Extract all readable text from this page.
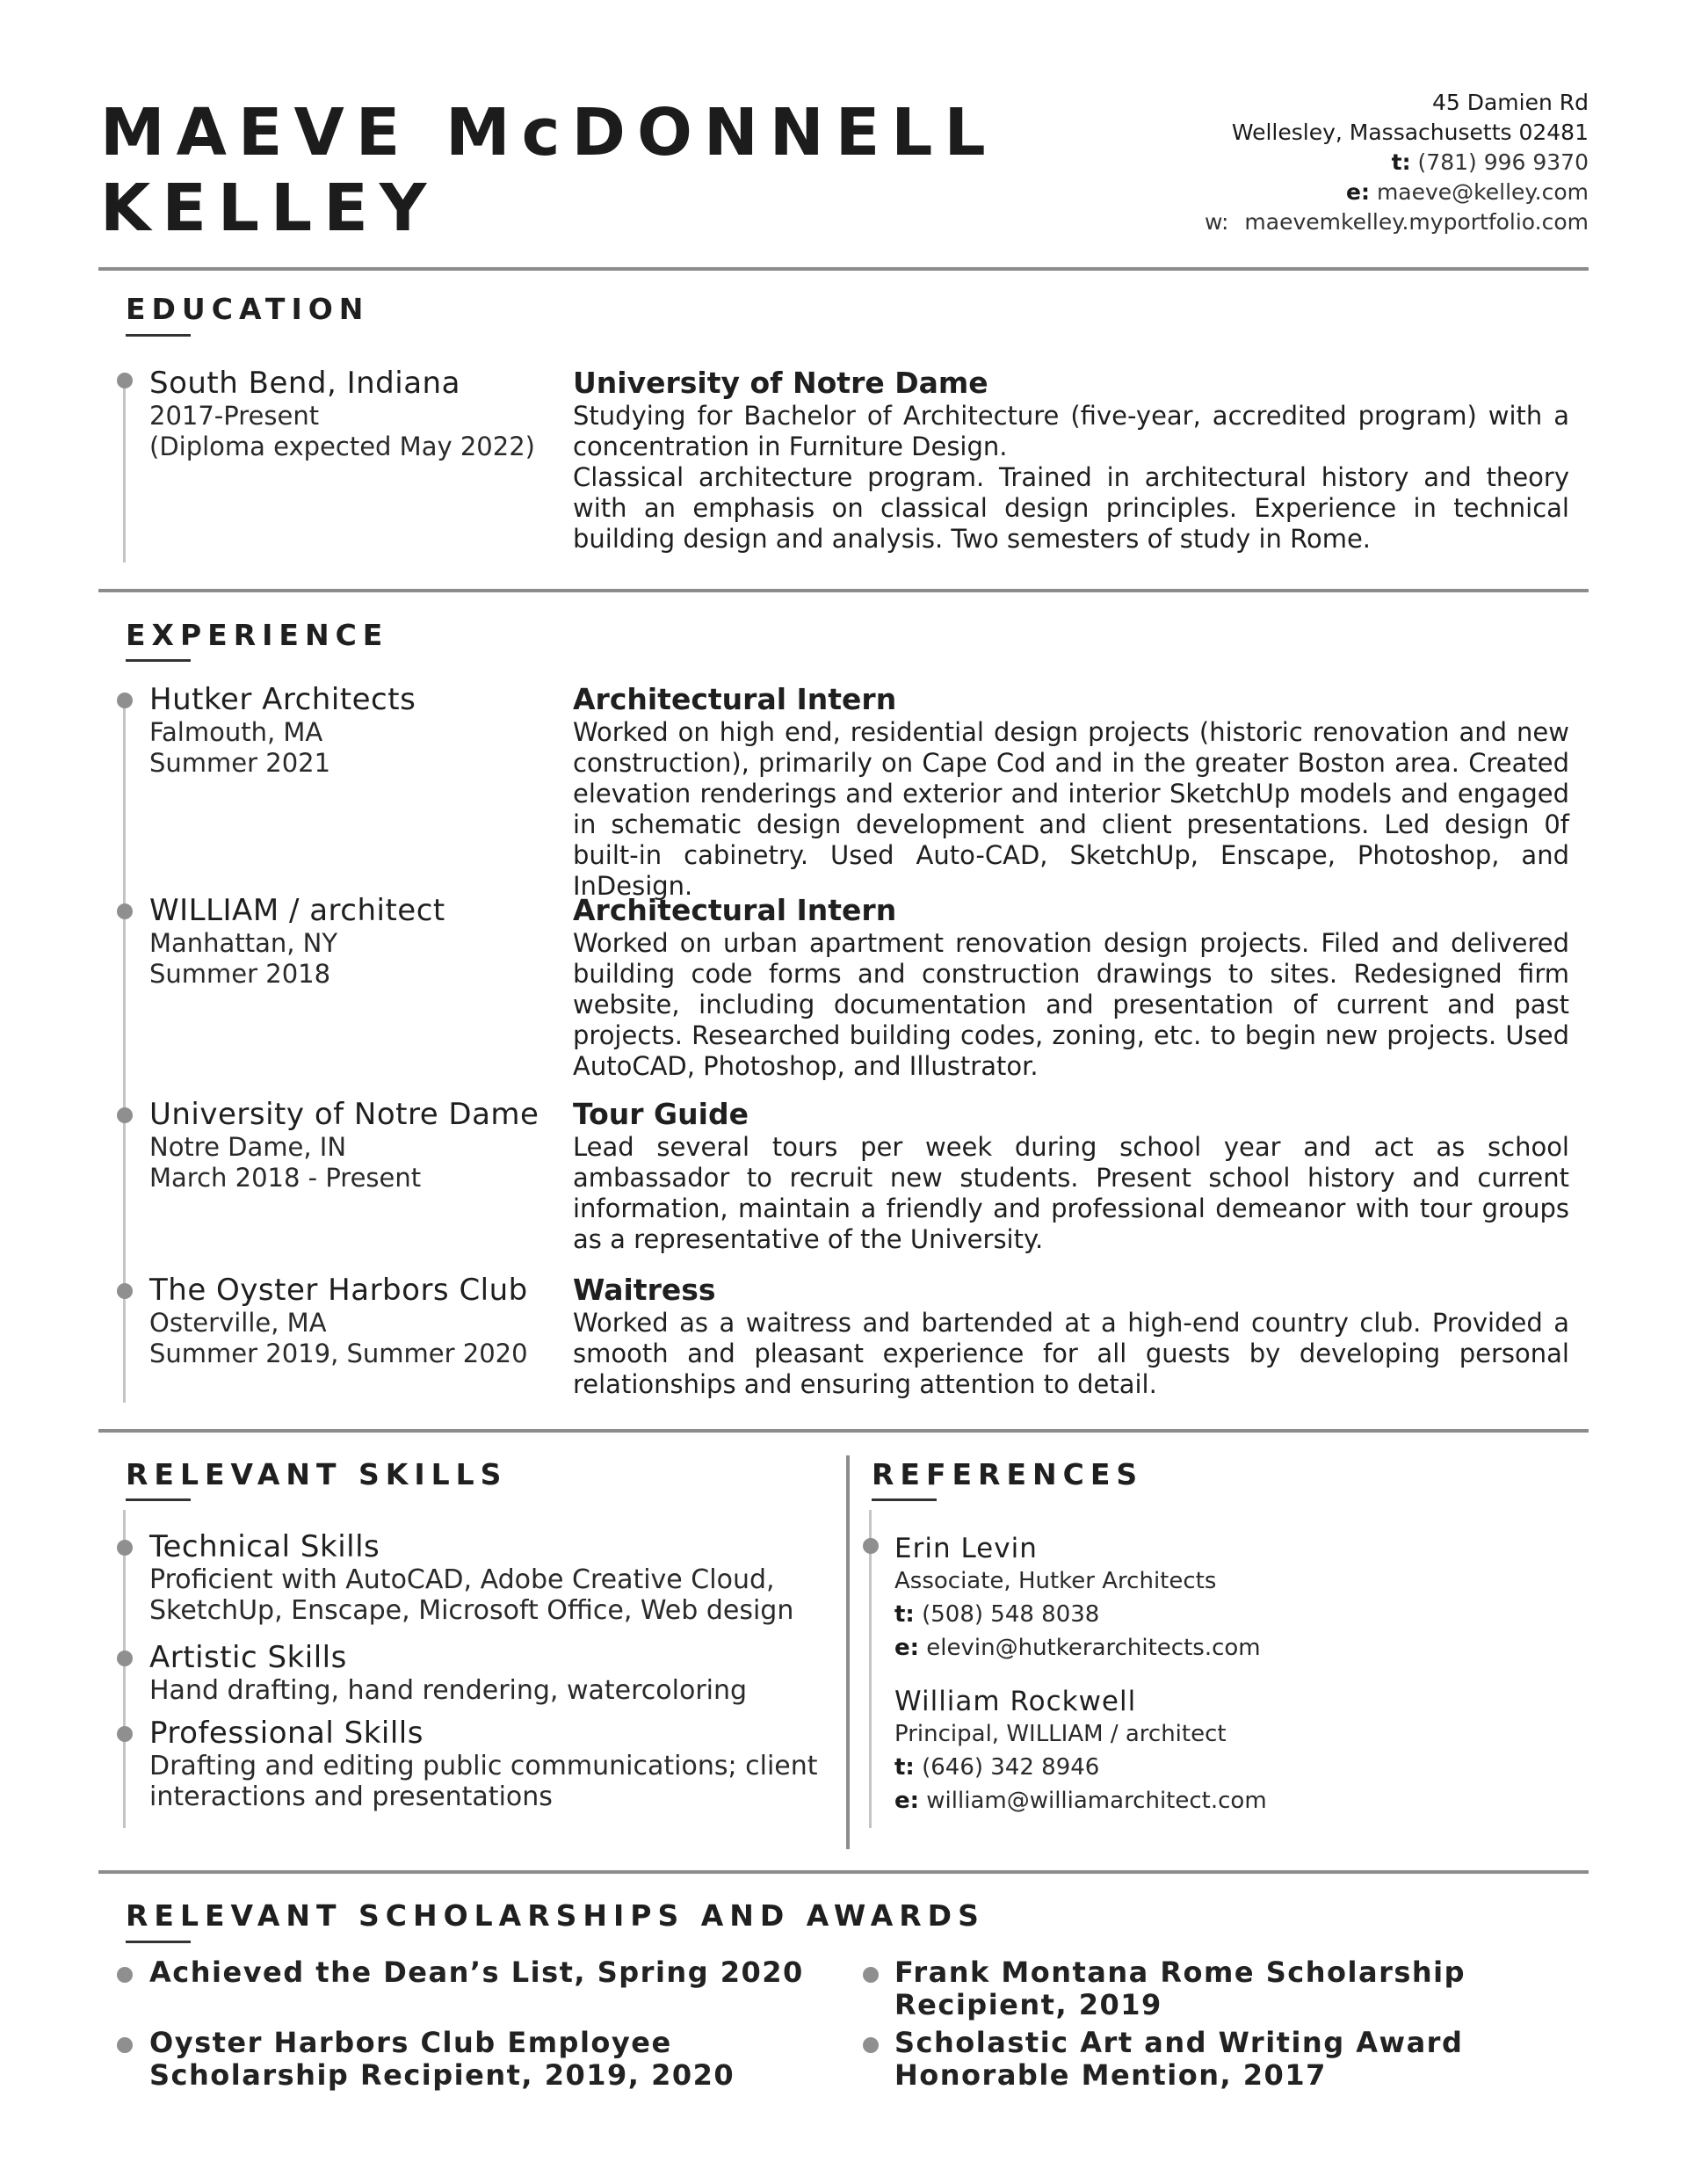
MAEVE McDONNELL
KELLEY
45 Damien Rd
Wellesley, Massachusetts 02481
t: (781) 996 9370
e: maeve@kelley.com
w: maevemkelley.myportfolio.com
EDUCATION
South Bend, Indiana
2017-Present
(Diploma expected May 2022)
University of Notre Dame

Studying for Bachelor of Architecture (five-year, accredited program) with a concentration in Furniture Design.

Classical architecture program. Trained in architectural history and theory with an emphasis on classical design principles. Experience in technical building design and analysis. Two semesters of study in Rome.

EXPERIENCE
Hutker Architects
Falmouth, MA
Summer 2021
Architectural Intern

Worked on high end, residential design projects (historic renovation and new construction), primarily on Cape Cod and in the greater Boston area. Created elevation renderings and exterior and interior SketchUp models and engaged in schematic design development and client presentations. Led design 0f built-in cabinetry. Used Auto-CAD, SketchUp, Enscape, Photoshop, and InDesign.

WILLIAM / architect
Manhattan, NY
Summer 2018
Architectural Intern

Worked on urban apartment renovation design projects. Filed and delivered building code forms and construction drawings to sites. Redesigned firm website, including documentation and presentation of current and past projects. Researched building codes, zoning, etc. to begin new projects. Used AutoCAD, Photoshop, and Illustrator.

University of Notre Dame
Notre Dame, IN
March 2018 - Present
Tour Guide

Lead several tours per week during school year and act as school ambassador to recruit new students. Present school history and current information, maintain a friendly and professional demeanor with tour groups as a representative of the University.

The Oyster Harbors Club
Osterville, MA
Summer 2019, Summer 2020
Waitress

Worked as a waitress and bartended at a high-end country club. Provided a smooth and pleasant experience for all guests by developing personal relationships and ensuring attention to detail.

RELEVANT SKILLS
Technical Skills
Proficient with AutoCAD, Adobe Creative Cloud, SketchUp, Enscape, Microsoft Office, Web design
Artistic Skills
Hand drafting, hand rendering, watercoloring
Professional Skills
Drafting and editing public communications; client interactions and presentations
REFERENCES
Erin Levin
Associate, Hutker Architects
t: (508) 548 8038
e: elevin@hutkerarchitects.com
William Rockwell
Principal, WILLIAM / architect
t: (646) 342 8946
e: william@williamarchitect.com
RELEVANT SCHOLARSHIPS AND AWARDS
Achieved the Dean’s List, Spring 2020
Oyster Harbors Club Employee Scholarship Recipient, 2019, 2020
Frank Montana Rome Scholarship Recipient, 2019
Scholastic Art and Writing Award Honorable Mention, 2017
